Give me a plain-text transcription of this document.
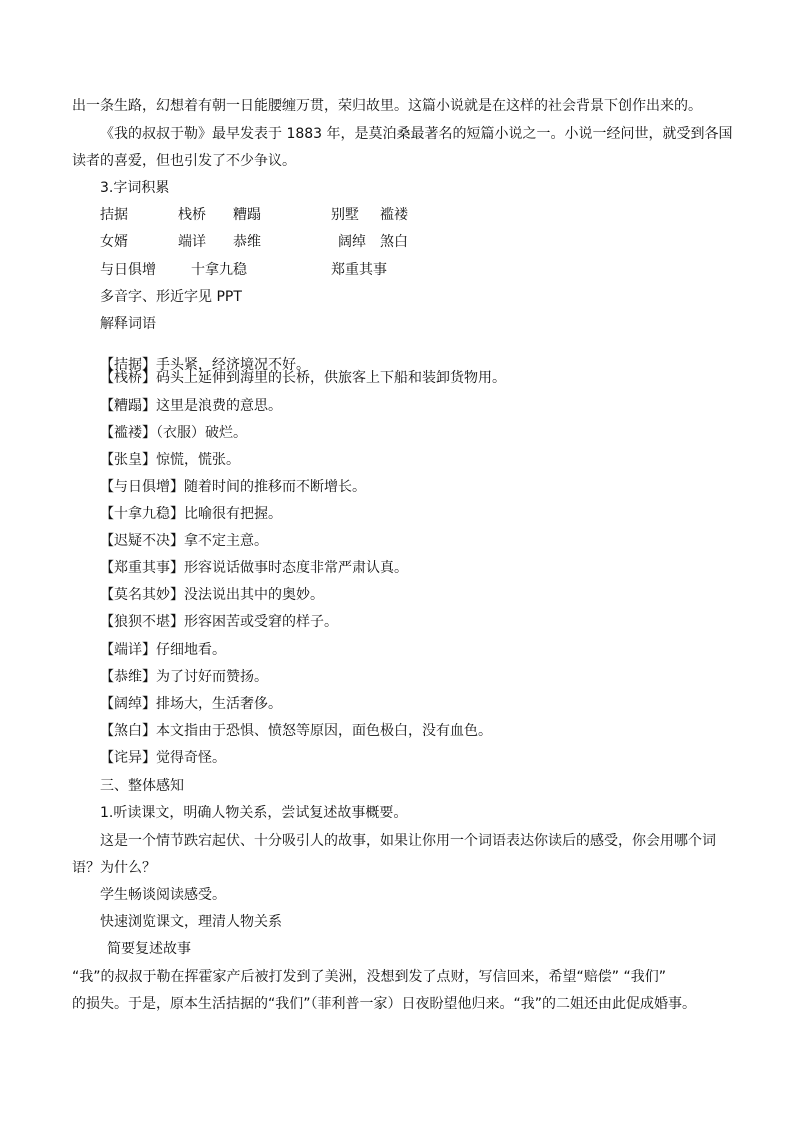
出一条生路，幻想着有朝一日能腰缠万贯，荣归故里。这篇小说就是在这样的社会背景下创作出来的。

《我的叔叔于勒》最早发表于 1883 年，是莫泊桑最著名的短篇小说之一。小说一经问世，就受到各国

读者的喜爱，但也引发了不少争议。

3.字词积累

拮据	栈桥 糟蹋	别墅 褴褛
女婿	端详 恭维	阔绰 煞白
与日俱增	十拿九稳	郑重其事

多音字、形近字见 PPT

解释词语

【拮据】手头紧，经济境况不好。

【栈桥】码头上延伸到海里的长桥，供旅客上下船和装卸货物用。

【糟蹋】这里是浪费的意思。

【褴褛】（衣服）破烂。

【张皇】惊慌，慌张。

【与日俱增】随着时间的推移而不断增长。

【十拿九稳】比喻很有把握。

【迟疑不决】拿不定主意。

【郑重其事】形容说话做事时态度非常严肃认真。

【莫名其妙】没法说出其中的奥妙。

【狼狈不堪】形容困苦或受窘的样子。

【端详】仔细地看。

【恭维】为了讨好而赞扬。

【阔绰】排场大，生活奢侈。

【煞白】本文指由于恐惧、愤怒等原因，面色极白，没有血色。

【诧异】觉得奇怪。

三、整体感知

1.听读课文，明确人物关系，尝试复述故事概要。

这是一个情节跌宕起伏、十分吸引人的故事，如果让你用一个词语表达你读后的感受，你会用哪个词

语？为什么？

学生畅谈阅读感受。

快速浏览课文，理清人物关系

简要复述故事

“我”的叔叔于勒在挥霍家产后被打发到了美洲，没想到发了点财，写信回来，希望“赔偿” “我们”

的损失。于是，原本生活拮据的“我们”（菲利普一家）日夜盼望他归来。“我”的二姐还由此促成婚事。
